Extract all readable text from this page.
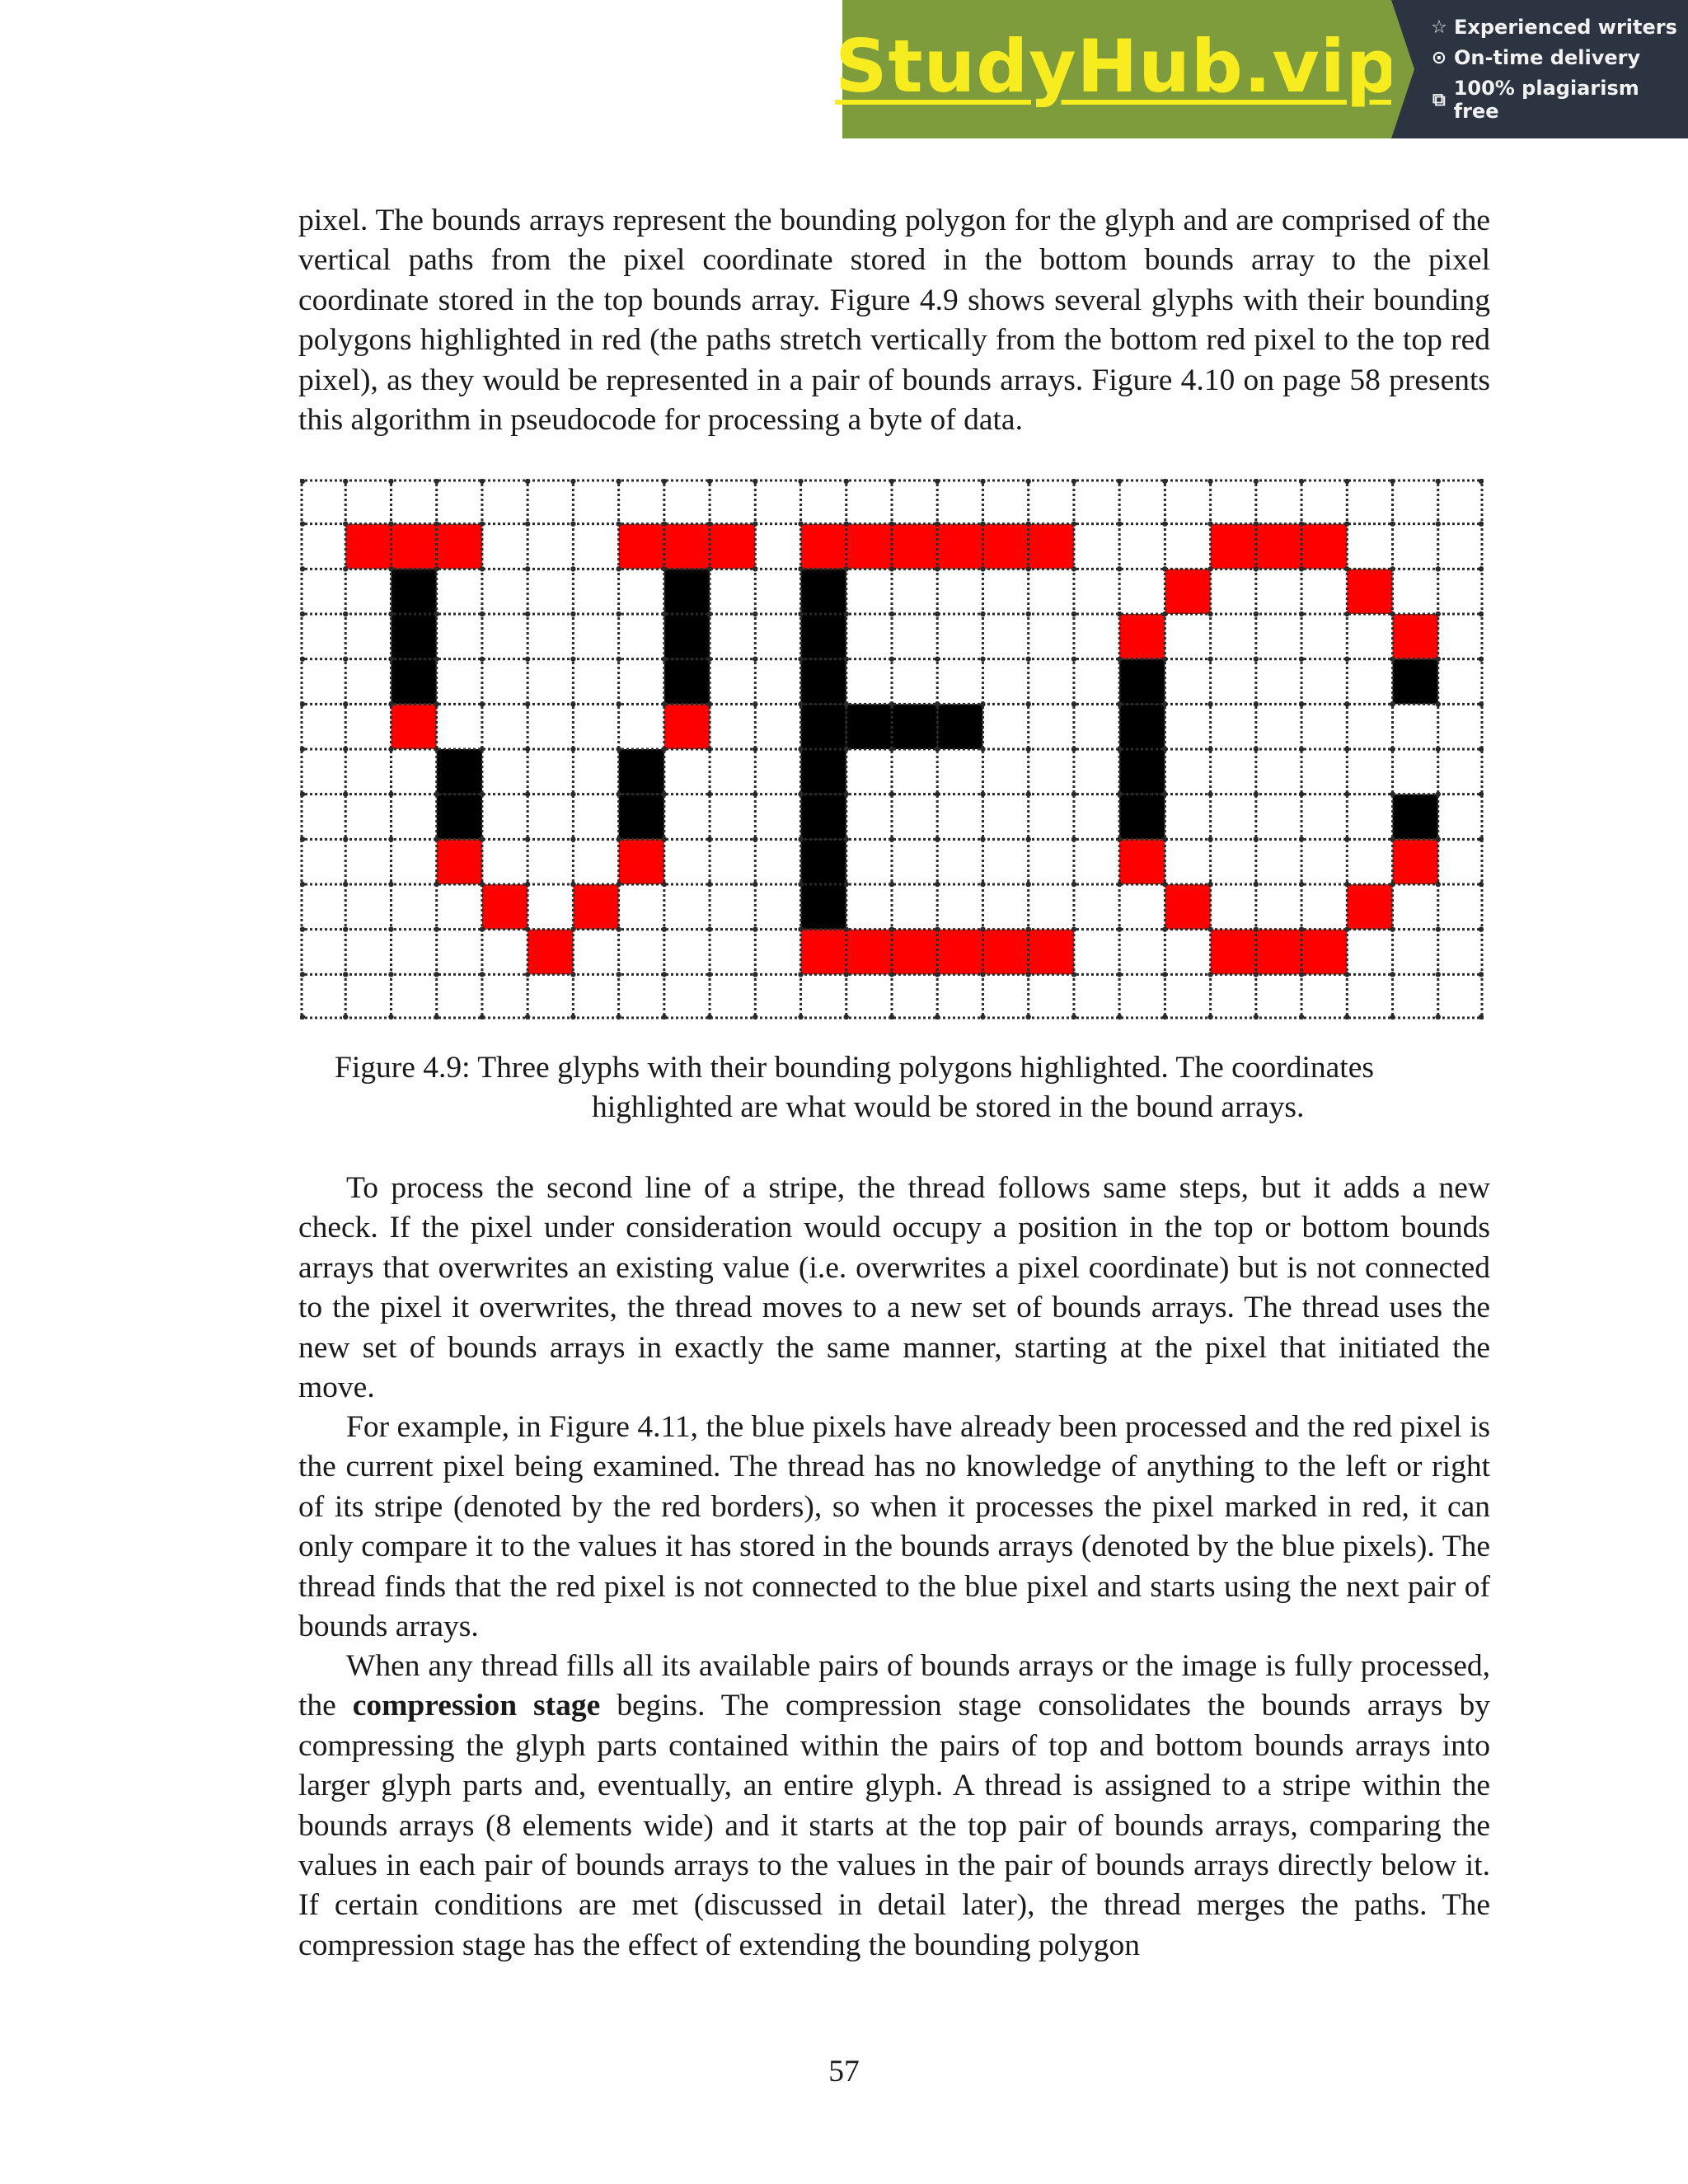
StudyHub.vip ☆ Experienced writers
⊙ On-time delivery
⧉ 100% plagiarism free

pixel. The bounds arrays represent the bounding polygon for the glyph and are comprised of the vertical paths from the pixel coordinate stored in the bottom bounds array to the pixel coordinate stored in the top bounds array. Figure 4.9 shows several glyphs with their bounding polygons highlighted in red (the paths stretch vertically from the bottom red pixel to the top red pixel), as they would be represented in a pair of bounds arrays. Figure 4.10 on page 58 presents this algorithm in pseudocode for processing a byte of data.

Figure 4.9: Three glyphs with their bounding polygons highlighted. The coordinates
highlighted are what would be stored in the bound arrays.

To process the second line of a stripe, the thread follows same steps, but it adds a new check. If the pixel under consideration would occupy a position in the top or bottom bounds arrays that overwrites an existing value (i.e. overwrites a pixel coordinate) but is not connected to the pixel it overwrites, the thread moves to a new set of bounds arrays. The thread uses the new set of bounds arrays in exactly the same manner, starting at the pixel that initiated the move.

For example, in Figure 4.11, the blue pixels have already been processed and the red pixel is the current pixel being examined. The thread has no knowledge of anything to the left or right of its stripe (denoted by the red borders), so when it processes the pixel marked in red, it can only compare it to the values it has stored in the bounds arrays (denoted by the blue pixels). The thread finds that the red pixel is not connected to the blue pixel and starts using the next pair of bounds arrays.

When any thread fills all its available pairs of bounds arrays or the image is fully processed, the compression stage begins. The compression stage consolidates the bounds arrays by compressing the glyph parts contained within the pairs of top and bottom bounds arrays into larger glyph parts and, eventually, an entire glyph. A thread is assigned to a stripe within the bounds arrays (8 elements wide) and it starts at the top pair of bounds arrays, comparing the values in each pair of bounds arrays to the values in the pair of bounds arrays directly below it. If certain conditions are met (discussed in detail later), the thread merges the paths. The compression stage has the effect of extending the bounding polygon

57
